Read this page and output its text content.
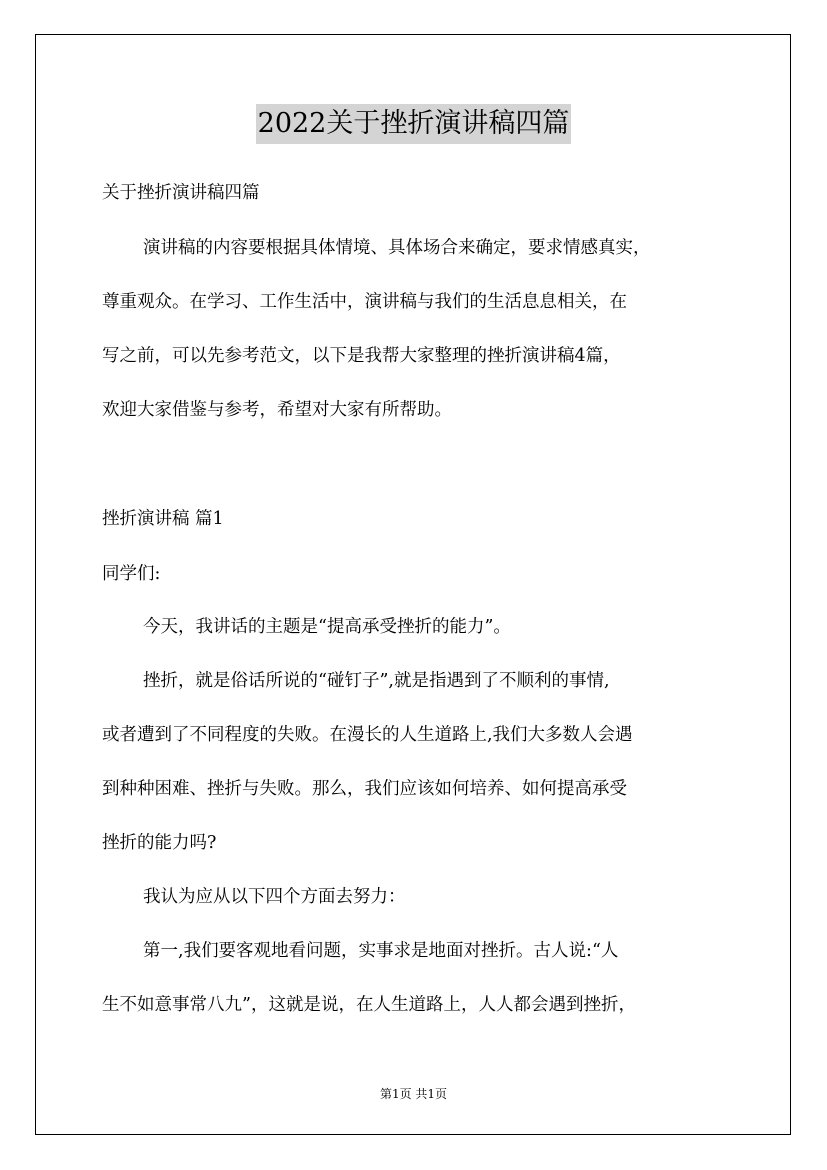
2022关于挫折演讲稿四篇
关于挫折演讲稿四篇
演讲稿的内容要根据具体情境、具体场合来确定，要求情感真实，
尊重观众。在学习、工作生活中，演讲稿与我们的生活息息相关，在
写之前，可以先参考范文，以下是我帮大家整理的挫折演讲稿4篇，
欢迎大家借鉴与参考，希望对大家有所帮助。
挫折演讲稿 篇1
同学们:
今天，我讲话的主题是“提高承受挫折的能力”。
挫折，就是俗话所说的“碰钉子”,就是指遇到了不顺利的事情,
或者遭到了不同程度的失败。在漫长的人生道路上,我们大多数人会遇
到种种困难、挫折与失败。那么，我们应该如何培养、如何提高承受
挫折的能力吗?
我认为应从以下四个方面去努力：
第一,我们要客观地看问题，实事求是地面对挫折。古人说:“人
生不如意事常八九”，这就是说，在人生道路上，人人都会遇到挫折，
第1页 共1页
